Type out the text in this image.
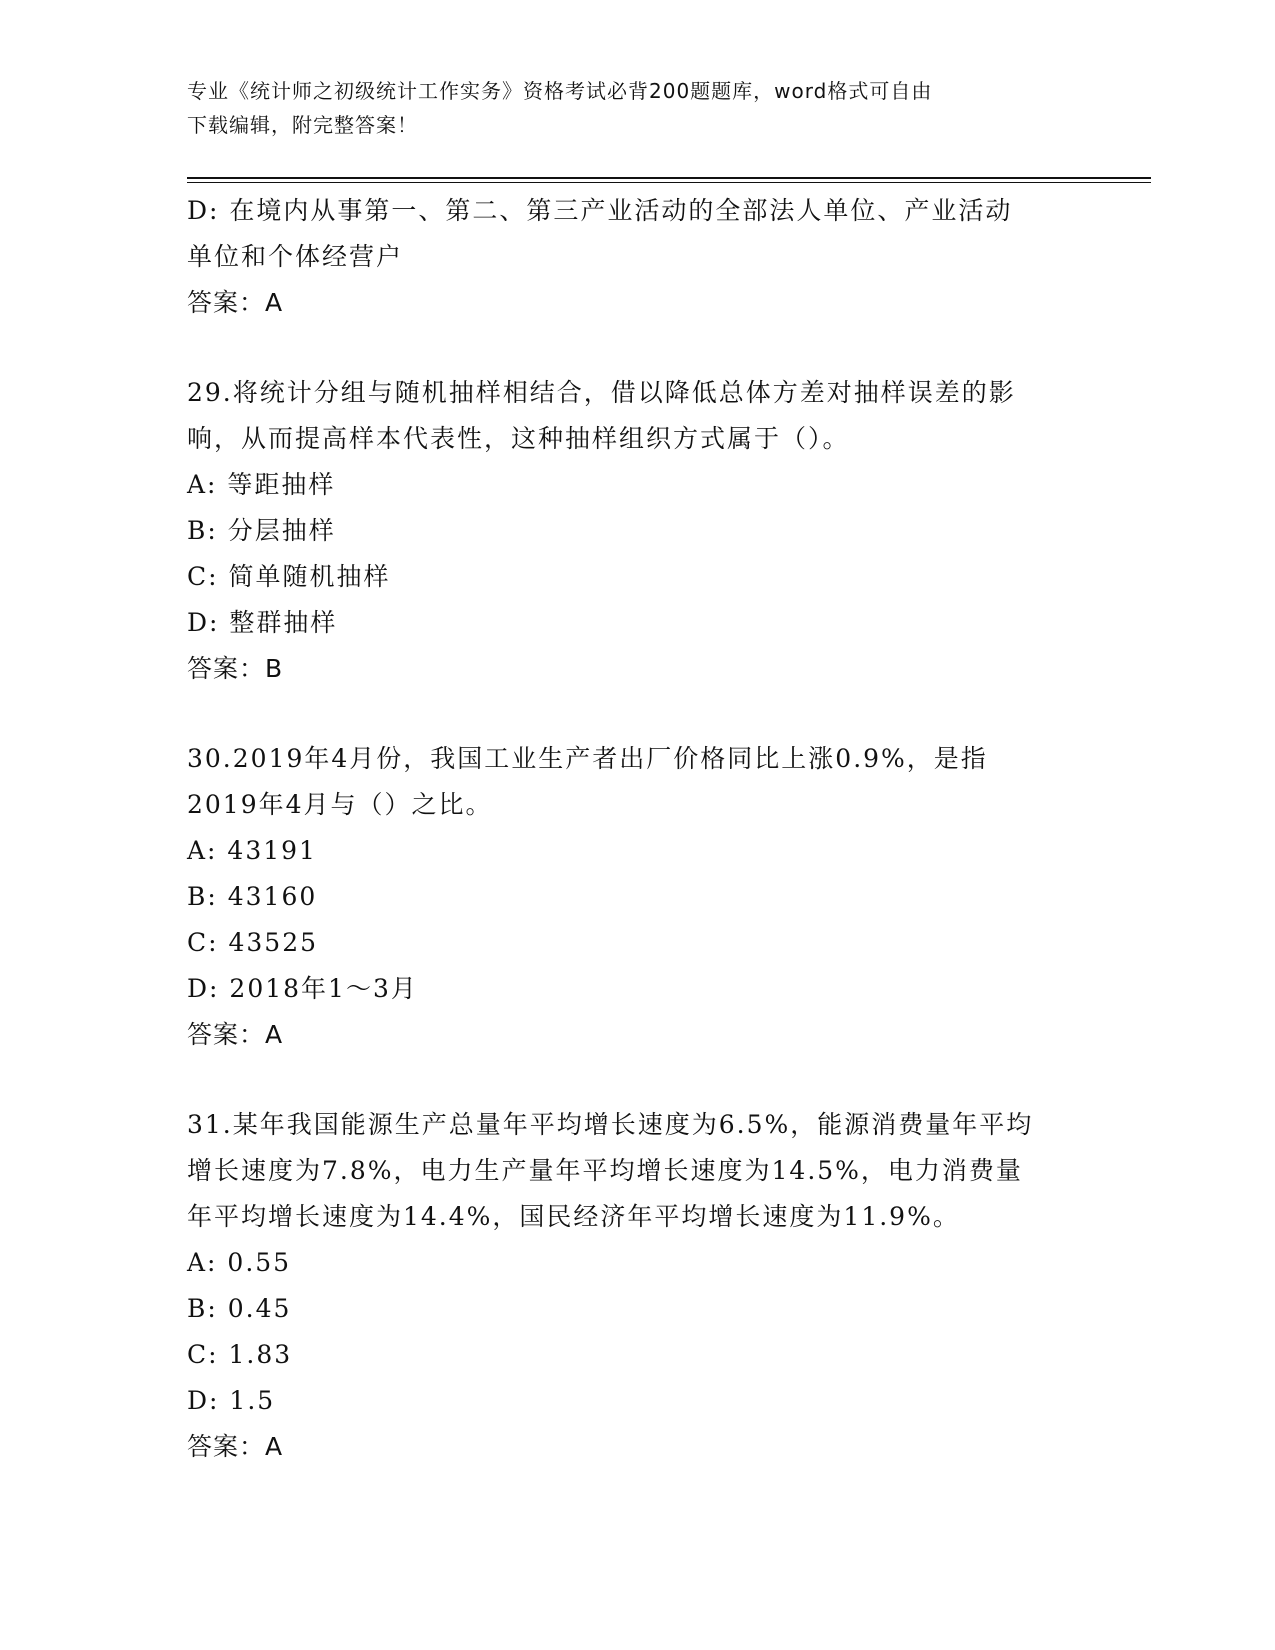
专业《统计师之初级统计工作实务》资格考试必背200题题库，word格式可自由
下载编辑，附完整答案！
D: 在境内从事第一、第二、第三产业活动的全部法人单位、产业活动
单位和个体经营户
答案：A
29.将统计分组与随机抽样相结合，借以降低总体方差对抽样误差的影
响，从而提高样本代表性，这种抽样组织方式属于（）。
A: 等距抽样
B: 分层抽样
C: 简单随机抽样
D: 整群抽样
答案：B
30.2019年4月份，我国工业生产者出厂价格同比上涨0.9%，是指
2019年4月与（）之比。
A: 43191
B: 43160
C: 43525
D: 2018年1～3月
答案：A
31.某年我国能源生产总量年平均增长速度为6.5%，能源消费量年平均
增长速度为7.8%，电力生产量年平均增长速度为14.5%，电力消费量
年平均增长速度为14.4%，国民经济年平均增长速度为11.9%。
A: 0.55
B: 0.45
C: 1.83
D: 1.5
答案：A
